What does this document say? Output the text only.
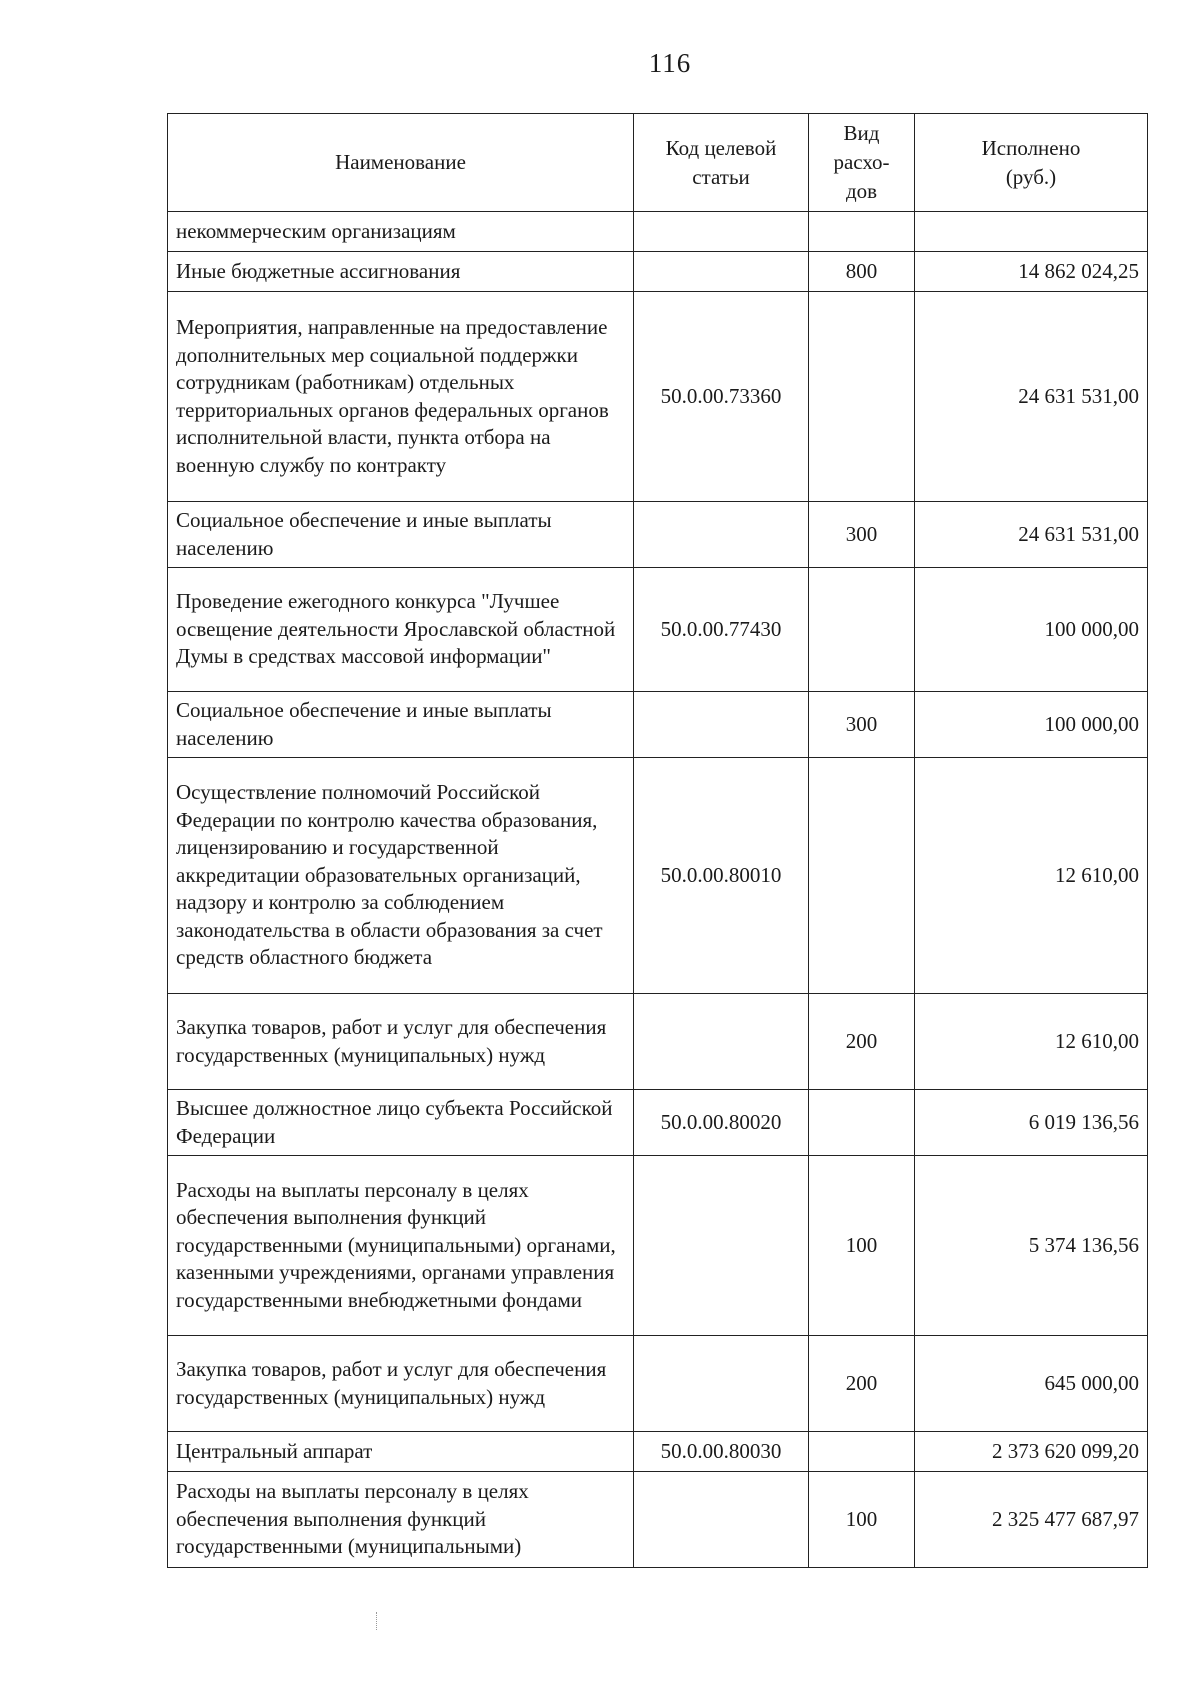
116
Наименование	Код целевой статьи	Вид расхо-дов	Исполнено (руб.)
некоммерческим организациям			
Иные бюджетные ассигнования		800	14 862 024,25
Мероприятия, направленные на предоставление дополнительных мер социальной поддержки сотрудникам (работникам) отдельных территориальных органов федеральных органов исполнительной власти, пункта отбора на военную службу по контракту	50.0.00.73360		24 631 531,00
Социальное обеспечение и иные выплаты населению		300	24 631 531,00
Проведение ежегодного конкурса "Лучшее освещение деятельности Ярославской областной Думы в средствах массовой информации"	50.0.00.77430		100 000,00
Социальное обеспечение и иные выплаты населению		300	100 000,00
Осуществление полномочий Российской Федерации по контролю качества образования, лицензированию и государственной аккредитации образовательных организаций, надзору и контролю за соблюдением законодательства в области образования за счет средств областного бюджета	50.0.00.80010		12 610,00
Закупка товаров, работ и услуг для обеспечения государственных (муниципальных) нужд		200	12 610,00
Высшее должностное лицо субъекта Российской Федерации	50.0.00.80020		6 019 136,56
Расходы на выплаты персоналу в целях обеспечения выполнения функций государственными (муниципальными) органами, казенными учреждениями, органами управления государственными внебюджетными фондами		100	5 374 136,56
Закупка товаров, работ и услуг для обеспечения государственных (муниципальных) нужд		200	645 000,00
Центральный аппарат	50.0.00.80030		2 373 620 099,20
Расходы на выплаты персоналу в целях обеспечения выполнения функций государственными (муниципальными)		100	2 325 477 687,97
